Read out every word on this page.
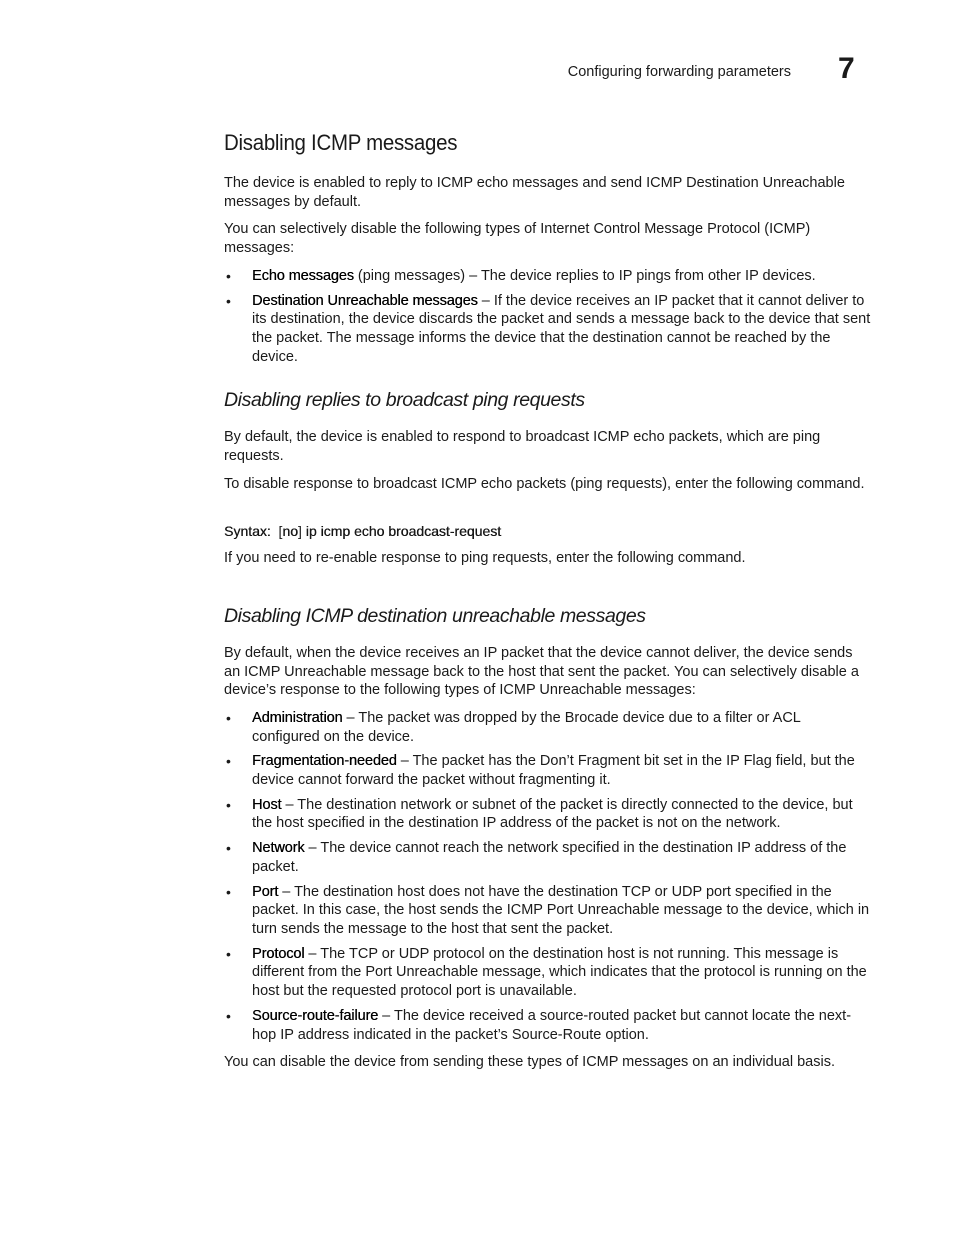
Configuring forwarding parameters 7
Disabling ICMP messages

The device is enabled to reply to ICMP echo messages and send ICMP Destination Unreachable messages by default.

You can selectively disable the following types of Internet Control Message Protocol (ICMP) messages:

• Echo messages (ping messages) – The device replies to IP pings from other IP devices.
• Destination Unreachable messages – If the device receives an IP packet that it cannot deliver to its destination, the device discards the packet and sends a message back to the device that sent the packet. The message informs the device that the destination cannot be reached by the device.
Disabling replies to broadcast ping requests

By default, the device is enabled to respond to broadcast ICMP echo packets, which are ping requests.

To disable response to broadcast ICMP echo packets (ping requests), enter the following command.

Syntax: [no] ip icmp echo broadcast-request

If you need to re-enable response to ping requests, enter the following command.

Disabling ICMP destination unreachable messages

By default, when the device receives an IP packet that the device cannot deliver, the device sends an ICMP Unreachable message back to the host that sent the packet. You can selectively disable a device’s response to the following types of ICMP Unreachable messages:

• Administration – The packet was dropped by the Brocade device due to a filter or ACL configured on the device.
• Fragmentation-needed – The packet has the Don’t Fragment bit set in the IP Flag field, but the device cannot forward the packet without fragmenting it.
• Host – The destination network or subnet of the packet is directly connected to the device, but the host specified in the destination IP address of the packet is not on the network.
• Network – The device cannot reach the network specified in the destination IP address of the packet.
• Port – The destination host does not have the destination TCP or UDP port specified in the packet. In this case, the host sends the ICMP Port Unreachable message to the device, which in turn sends the message to the host that sent the packet.
• Protocol – The TCP or UDP protocol on the destination host is not running. This message is different from the Port Unreachable message, which indicates that the protocol is running on the host but the requested protocol port is unavailable.
• Source-route-failure – The device received a source-routed packet but cannot locate the next-hop IP address indicated in the packet’s Source-Route option.

You can disable the device from sending these types of ICMP messages on an individual basis.
